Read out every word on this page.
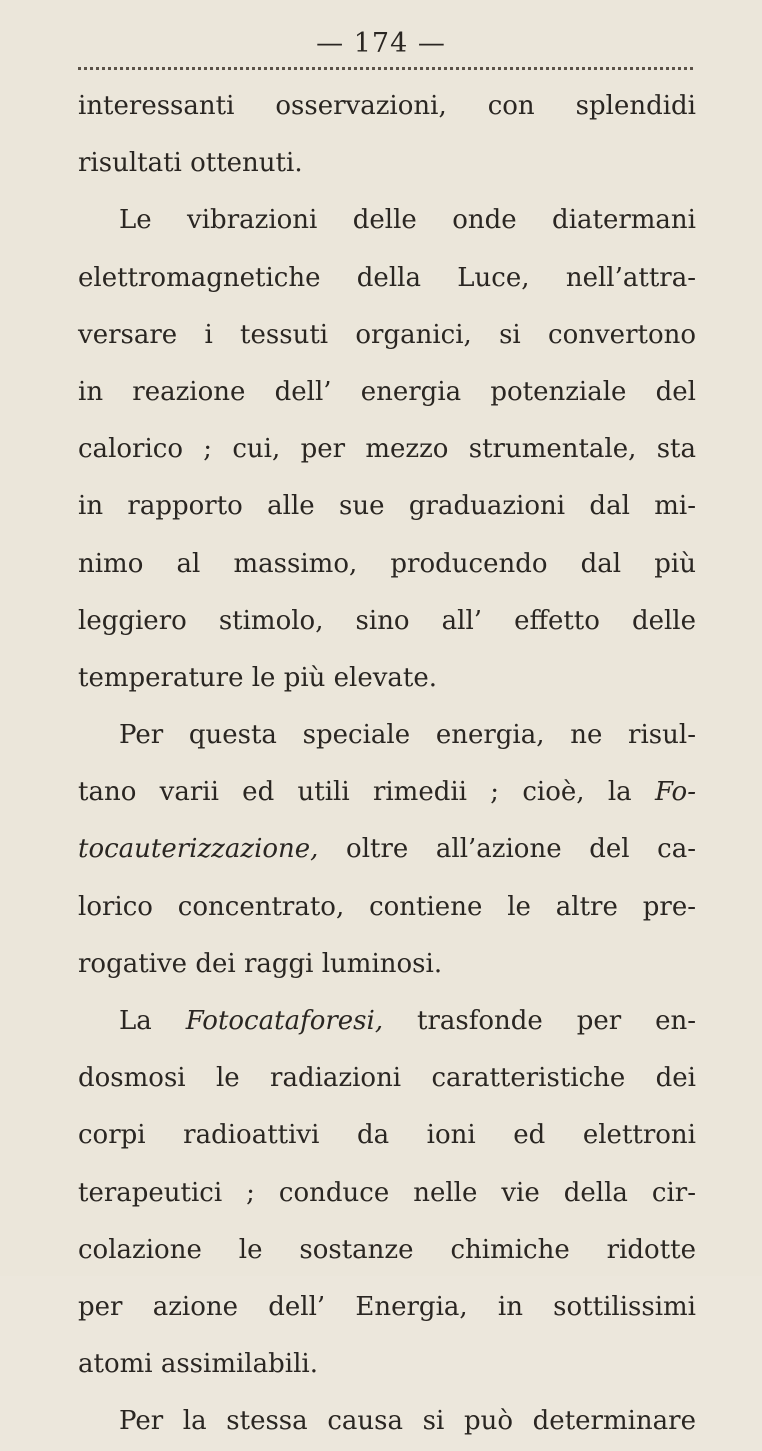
— 174 —
interessanti osservazioni, con splendidi
risultati ottenuti.
Le vibrazioni delle onde diatermani
elettromagnetiche della Luce, nell’attra-
versare i tessuti organici, si convertono
in reazione dell’ energia potenziale del
calorico ; cui, per mezzo strumentale, sta
in rapporto alle sue graduazioni dal mi-
nimo al massimo, producendo dal più
leggiero stimolo, sino all’ effetto delle
temperature le più elevate.
Per questa speciale energia, ne risul-
tano varii ed utili rimedii ; cioè, la Fo-
tocauterizzazione, oltre all’azione del ca-
lorico concentrato, contiene le altre pre-
rogative dei raggi luminosi.
La Fotocataforesi, trasfonde per en-
dosmosi le radiazioni caratteristiche dei
corpi radioattivi da ioni ed elettroni
terapeutici ; conduce nelle vie della cir-
colazione le sostanze chimiche ridotte
per azione dell’ Energia, in sottilissimi
atomi assimilabili.
Per la stessa causa si può determinare
